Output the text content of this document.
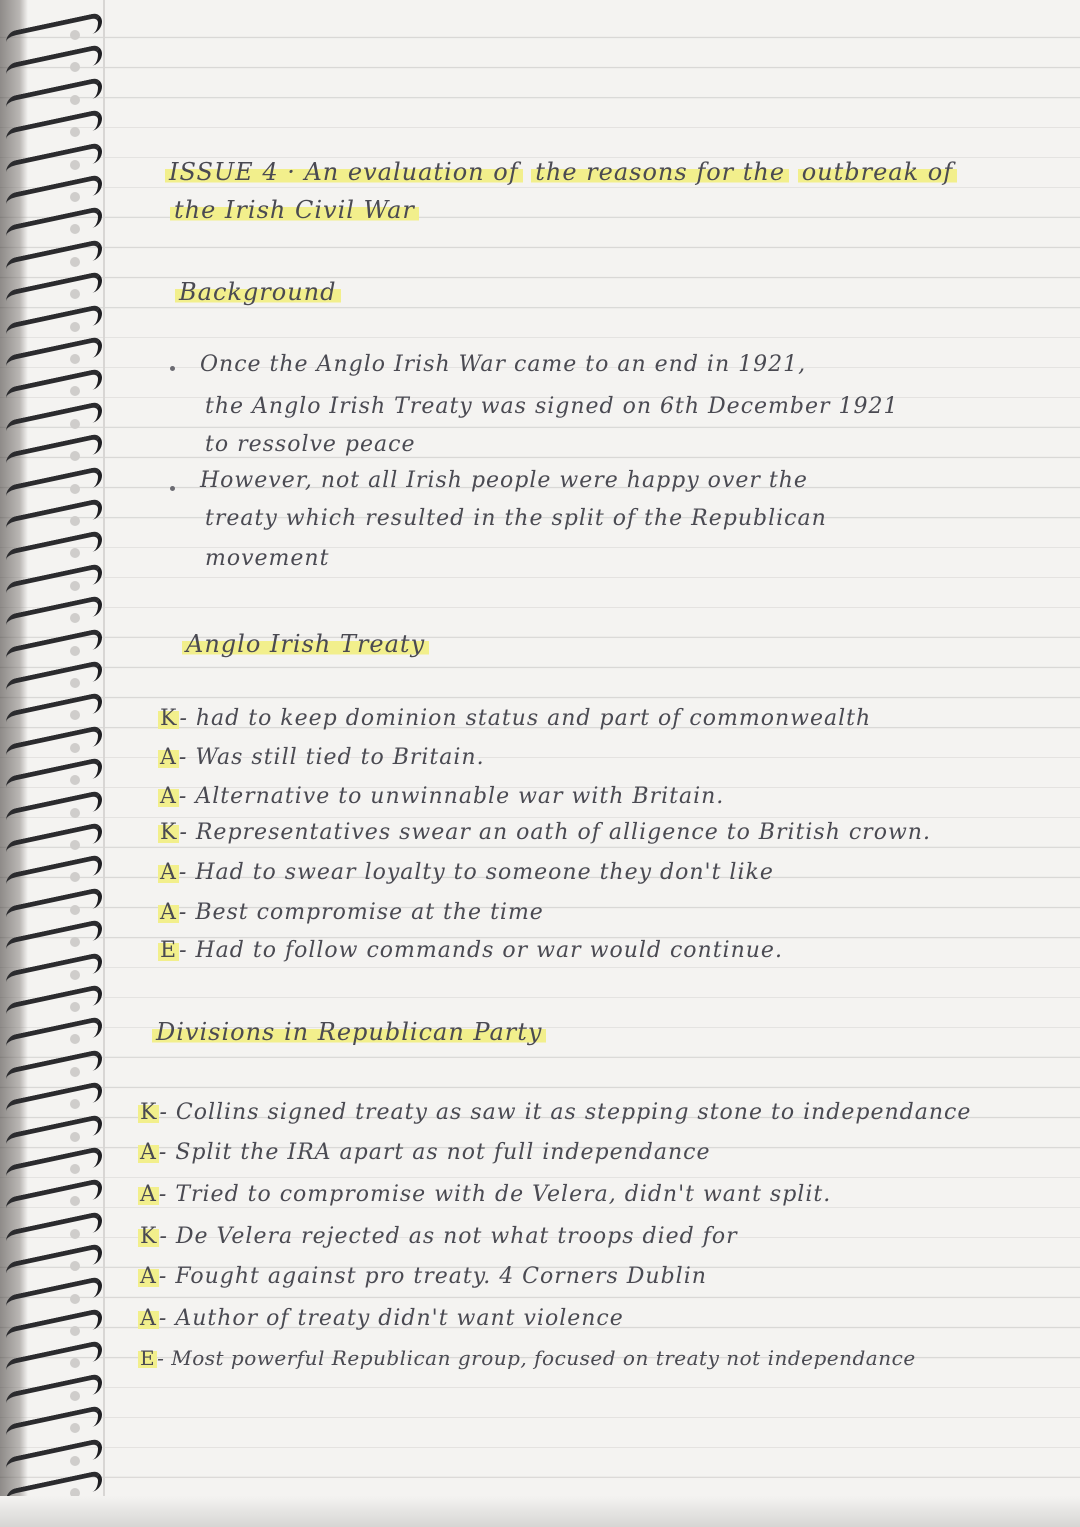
ISSUE 4 · An evaluation of the reasons for the outbreak of
the Irish Civil War
Background
Once the Anglo Irish War came to an end in 1921,
the Anglo Irish Treaty was signed on 6th December 1921
to ressolve peace
However, not all Irish people were happy over the
treaty which resulted in the split of the Republican
movement
Anglo Irish Treaty
K- had to keep dominion status and part of commonwealth
A- Was still tied to Britain.
A- Alternative to unwinnable war with Britain.
K- Representatives swear an oath of alligence to British crown.
A- Had to swear loyalty to someone they don't like
A- Best compromise at the time
E- Had to follow commands or war would continue.
Divisions in Republican Party
K- Collins signed treaty as saw it as stepping stone to independance
A- Split the IRA apart as not full independance
A- Tried to compromise with de Velera, didn't want split.
K- De Velera rejected as not what troops died for
A- Fought against pro treaty. 4 Corners Dublin
A- Author of treaty didn't want violence
E - Most powerful Republican group, focused on treaty not independance
